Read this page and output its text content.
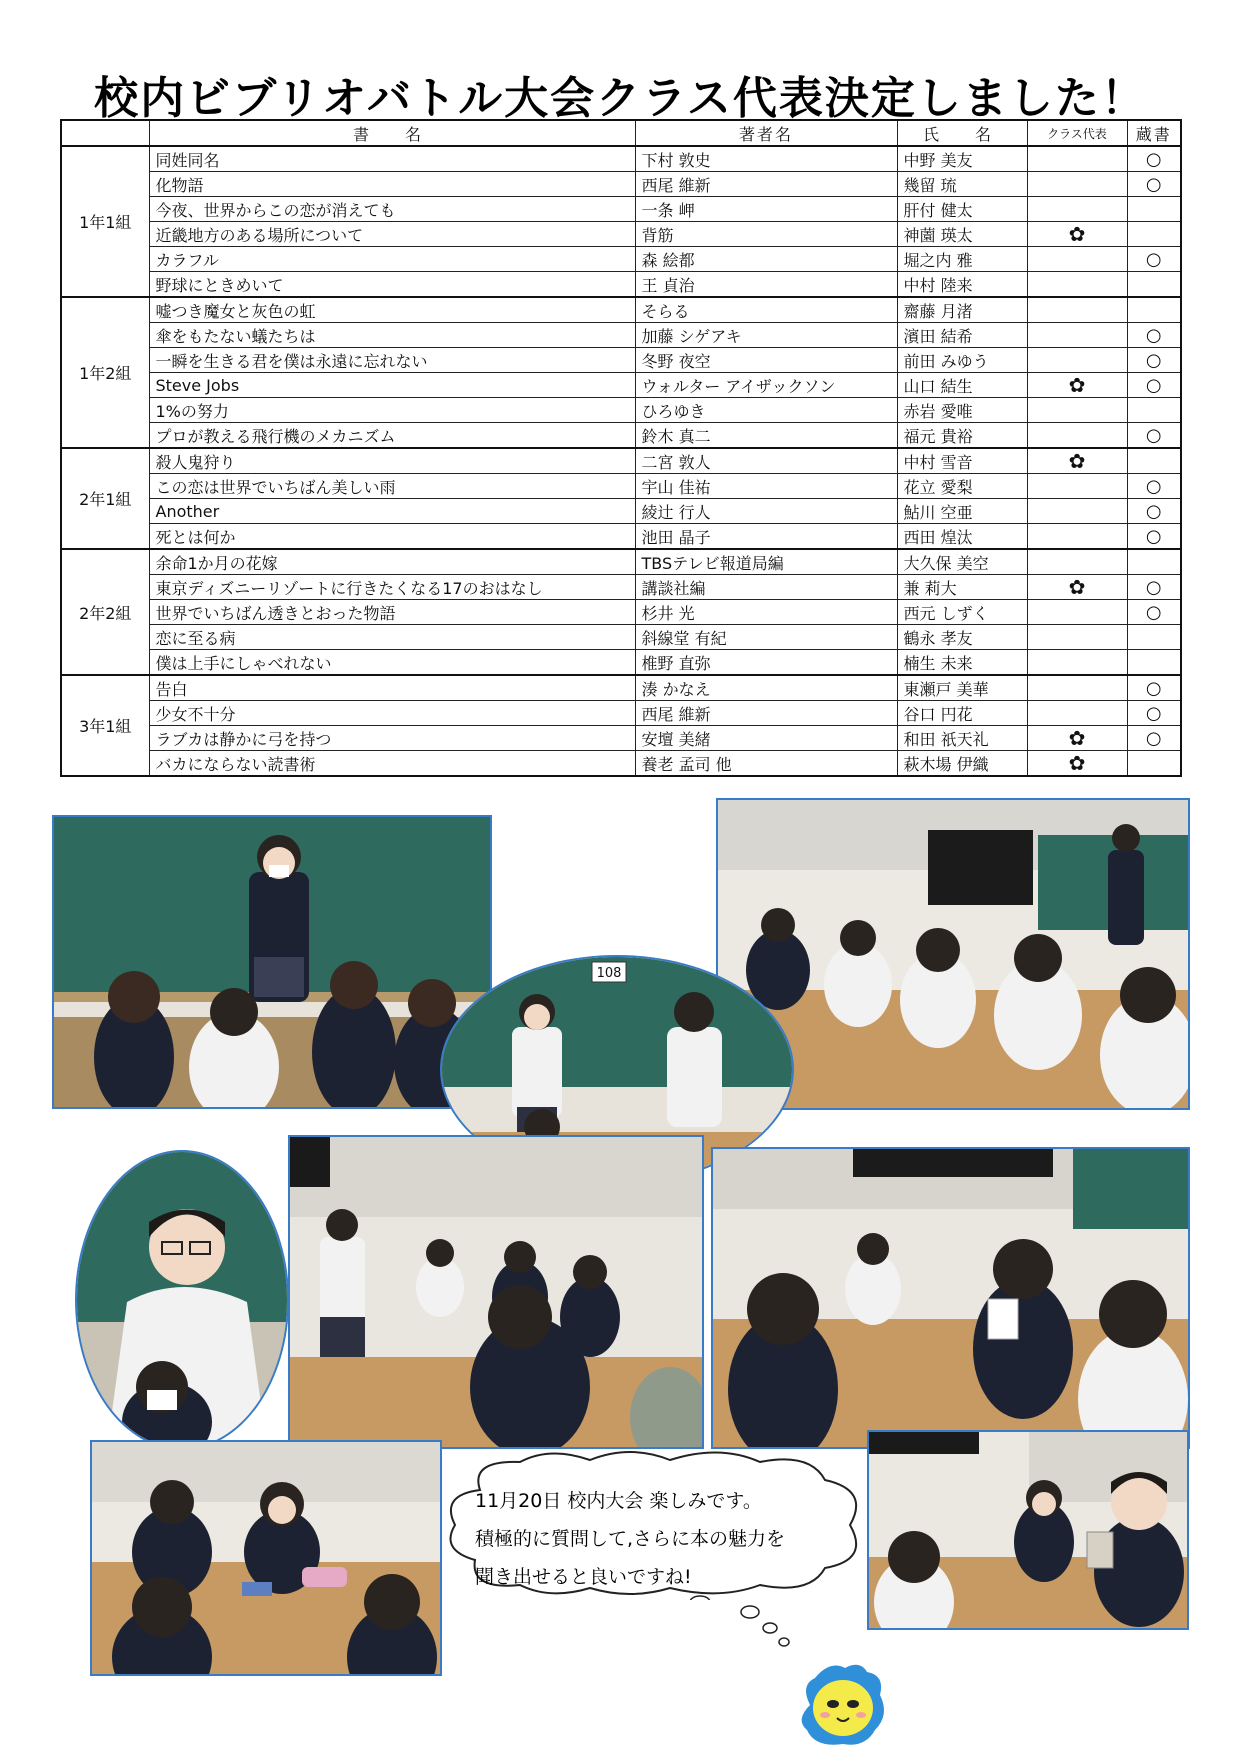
校内ビブリオバトル大会クラス代表決定しました！
	書　名	著者名	氏　名	クラス代表	蔵書
1年1組	同姓同名	下村 敦史	中野 美友		○
	化物語	西尾 維新	幾留 琉		○
	今夜、世界からこの恋が消えても	一条 岬	肝付 健太		
	近畿地方のある場所について	背筋	神薗 瑛太	✿	
	カラフル	森 絵都	堀之内 雅		○
	野球にときめいて	王 貞治	中村 陸来		
1年2組	嘘つき魔女と灰色の虹	そらる	齋藤 月渚		
	傘をもたない蟻たちは	加藤 シゲアキ	濱田 結希		○
	一瞬を生きる君を僕は永遠に忘れない	冬野 夜空	前田 みゆう		○
	Steve Jobs	ウォルター アイザックソン	山口 結生	✿	○
	1%の努力	ひろゆき	赤岩 愛唯		
	プロが教える飛行機のメカニズム	鈴木 真二	福元 貴裕		○
2年1組	殺人鬼狩り	二宮 敦人	中村 雪音	✿	
	この恋は世界でいちばん美しい雨	宇山 佳祐	花立 愛梨		○
	Another	綾辻 行人	鮎川 空亜		○
	死とは何か	池田 晶子	西田 煌汰		○
2年2組	余命1か月の花嫁	TBSテレビ報道局編	大久保 美空		
	東京ディズニーリゾートに行きたくなる17のおはなし	講談社編	兼 莉大	✿	○
	世界でいちばん透きとおった物語	杉井 光	西元 しずく		○
	恋に至る病	斜線堂 有紀	鶴永 孝友		
	僕は上手にしゃべれない	椎野 直弥	楠生 未来		
3年1組	告白	湊 かなえ	東瀬戸 美華		○
	少女不十分	西尾 維新	谷口 円花		○
	ラブカは静かに弓を持つ	安壇 美緒	和田 祇天礼	✿	○
	バカにならない読書術	養老 孟司 他	萩木場 伊織	✿	
108
11月20日 校内大会 楽しみです。
積極的に質問して,さらに本の魅力を
聞き出せると良いですね!
